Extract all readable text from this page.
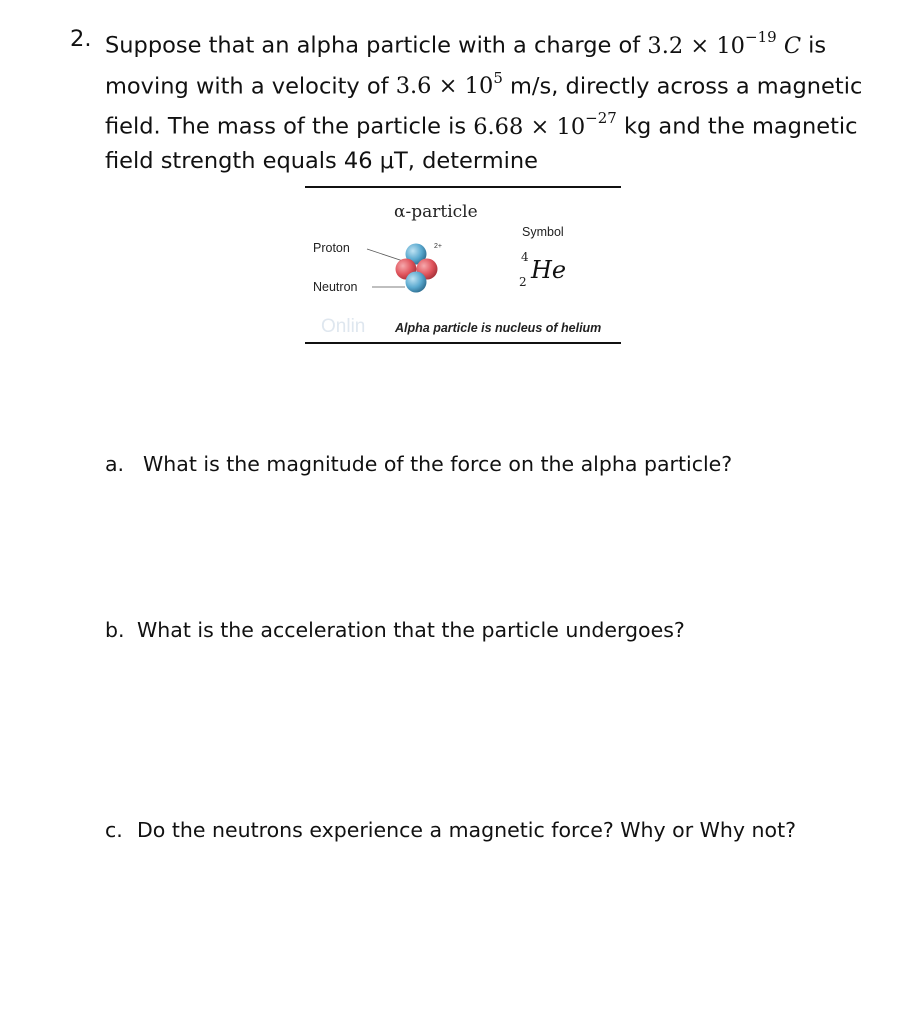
2. Suppose that an alpha particle with a charge of $3.2 \times 10^{-19}$ C is
moving with a velocity of $3.6 \times 10^5$ m/s, directly across a magnetic
field. The mass of the particle is $6.68 \times 10^{-27}$ kg and the magnetic
field strength equals 46 μT, determine
Onlin
α-particle
Proton
Neutron
2+
Symbol
4
2 He
Alpha particle is nucleus of helium
a. What is the magnitude of the force on the alpha particle?
b. What is the acceleration that the particle undergoes?
c. Do the neutrons experience a magnetic force? Why or Why not?
